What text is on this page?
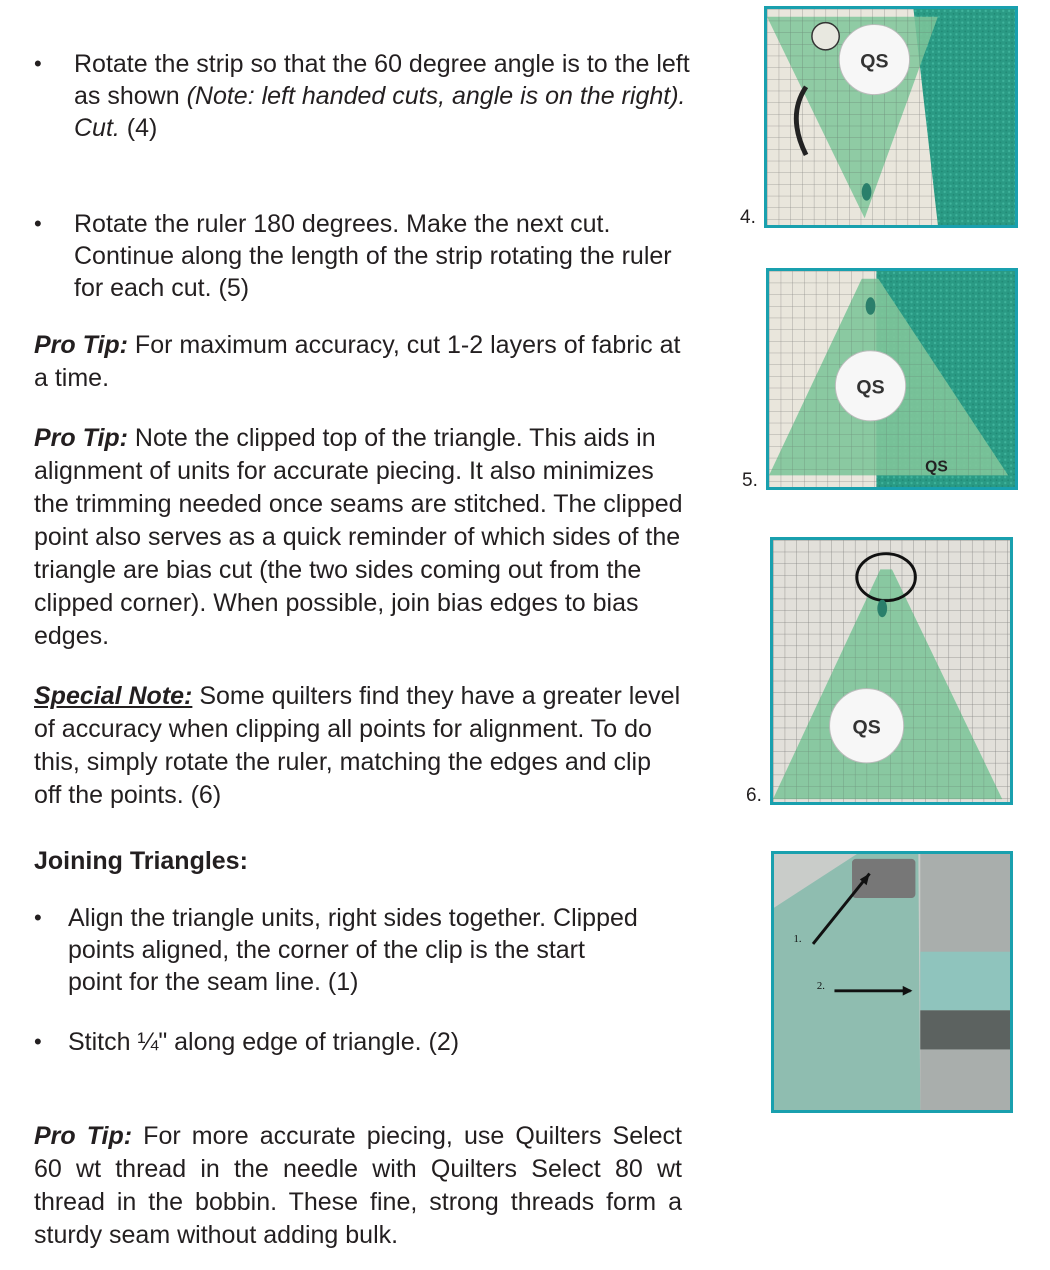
• Rotate the strip so that the 60 degree angle is to the left as shown (Note: left handed cuts, angle is on the right). Cut. (4)
• Rotate the ruler 180 degrees. Make the next cut. Continue along the length of the strip rotating the ruler for each cut. (5)
Pro Tip: For maximum accuracy, cut 1-2 layers of fabric at a time.
Pro Tip: Note the clipped top of the triangle. This aids in alignment of units for accurate piecing. It also minimizes the trimming needed once seams are stitched. The clipped point also serves as a quick reminder of which sides of the triangle are bias cut (the two sides coming out from the clipped corner). When possible, join bias edges to bias edges.
Special Note: Some quilters find they have a greater level of accuracy when clipping all points for alignment. To do this, simply rotate the ruler, matching the edges and clip off the points. (6)
Joining Triangles:
• Align the triangle units, right sides together. Clipped points aligned, the corner of the clip is the start point for the seam line. (1)
• Stitch ¼" along edge of triangle. (2)
Pro Tip: For more accurate piecing, use Quilters Select 60 wt thread in the needle with Quilters Select 80 wt thread in the bobbin. These fine, strong threads form a sturdy seam without adding bulk.
4.
QS
5.
QS
QS
6.
QS
1.
2.
